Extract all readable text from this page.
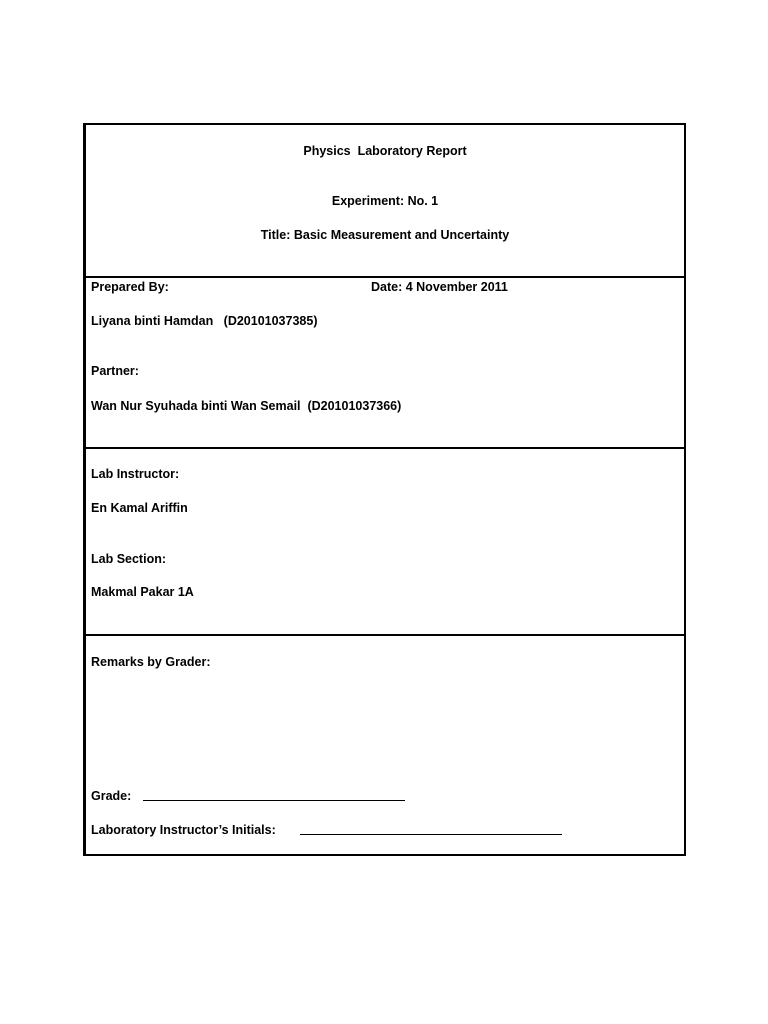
Physics  Laboratory Report
Experiment: No. 1
Title: Basic Measurement and Uncertainty
Prepared By:	Date: 4 November 2011
Liyana binti Hamdan   (D20101037385)
Partner:
Wan Nur Syuhada binti Wan Semail  (D20101037366)
Lab Instructor:
En Kamal Ariffin
Lab Section:
Makmal Pakar 1A
Remarks by Grader:
Grade:
Laboratory Instructor’s Initials:
